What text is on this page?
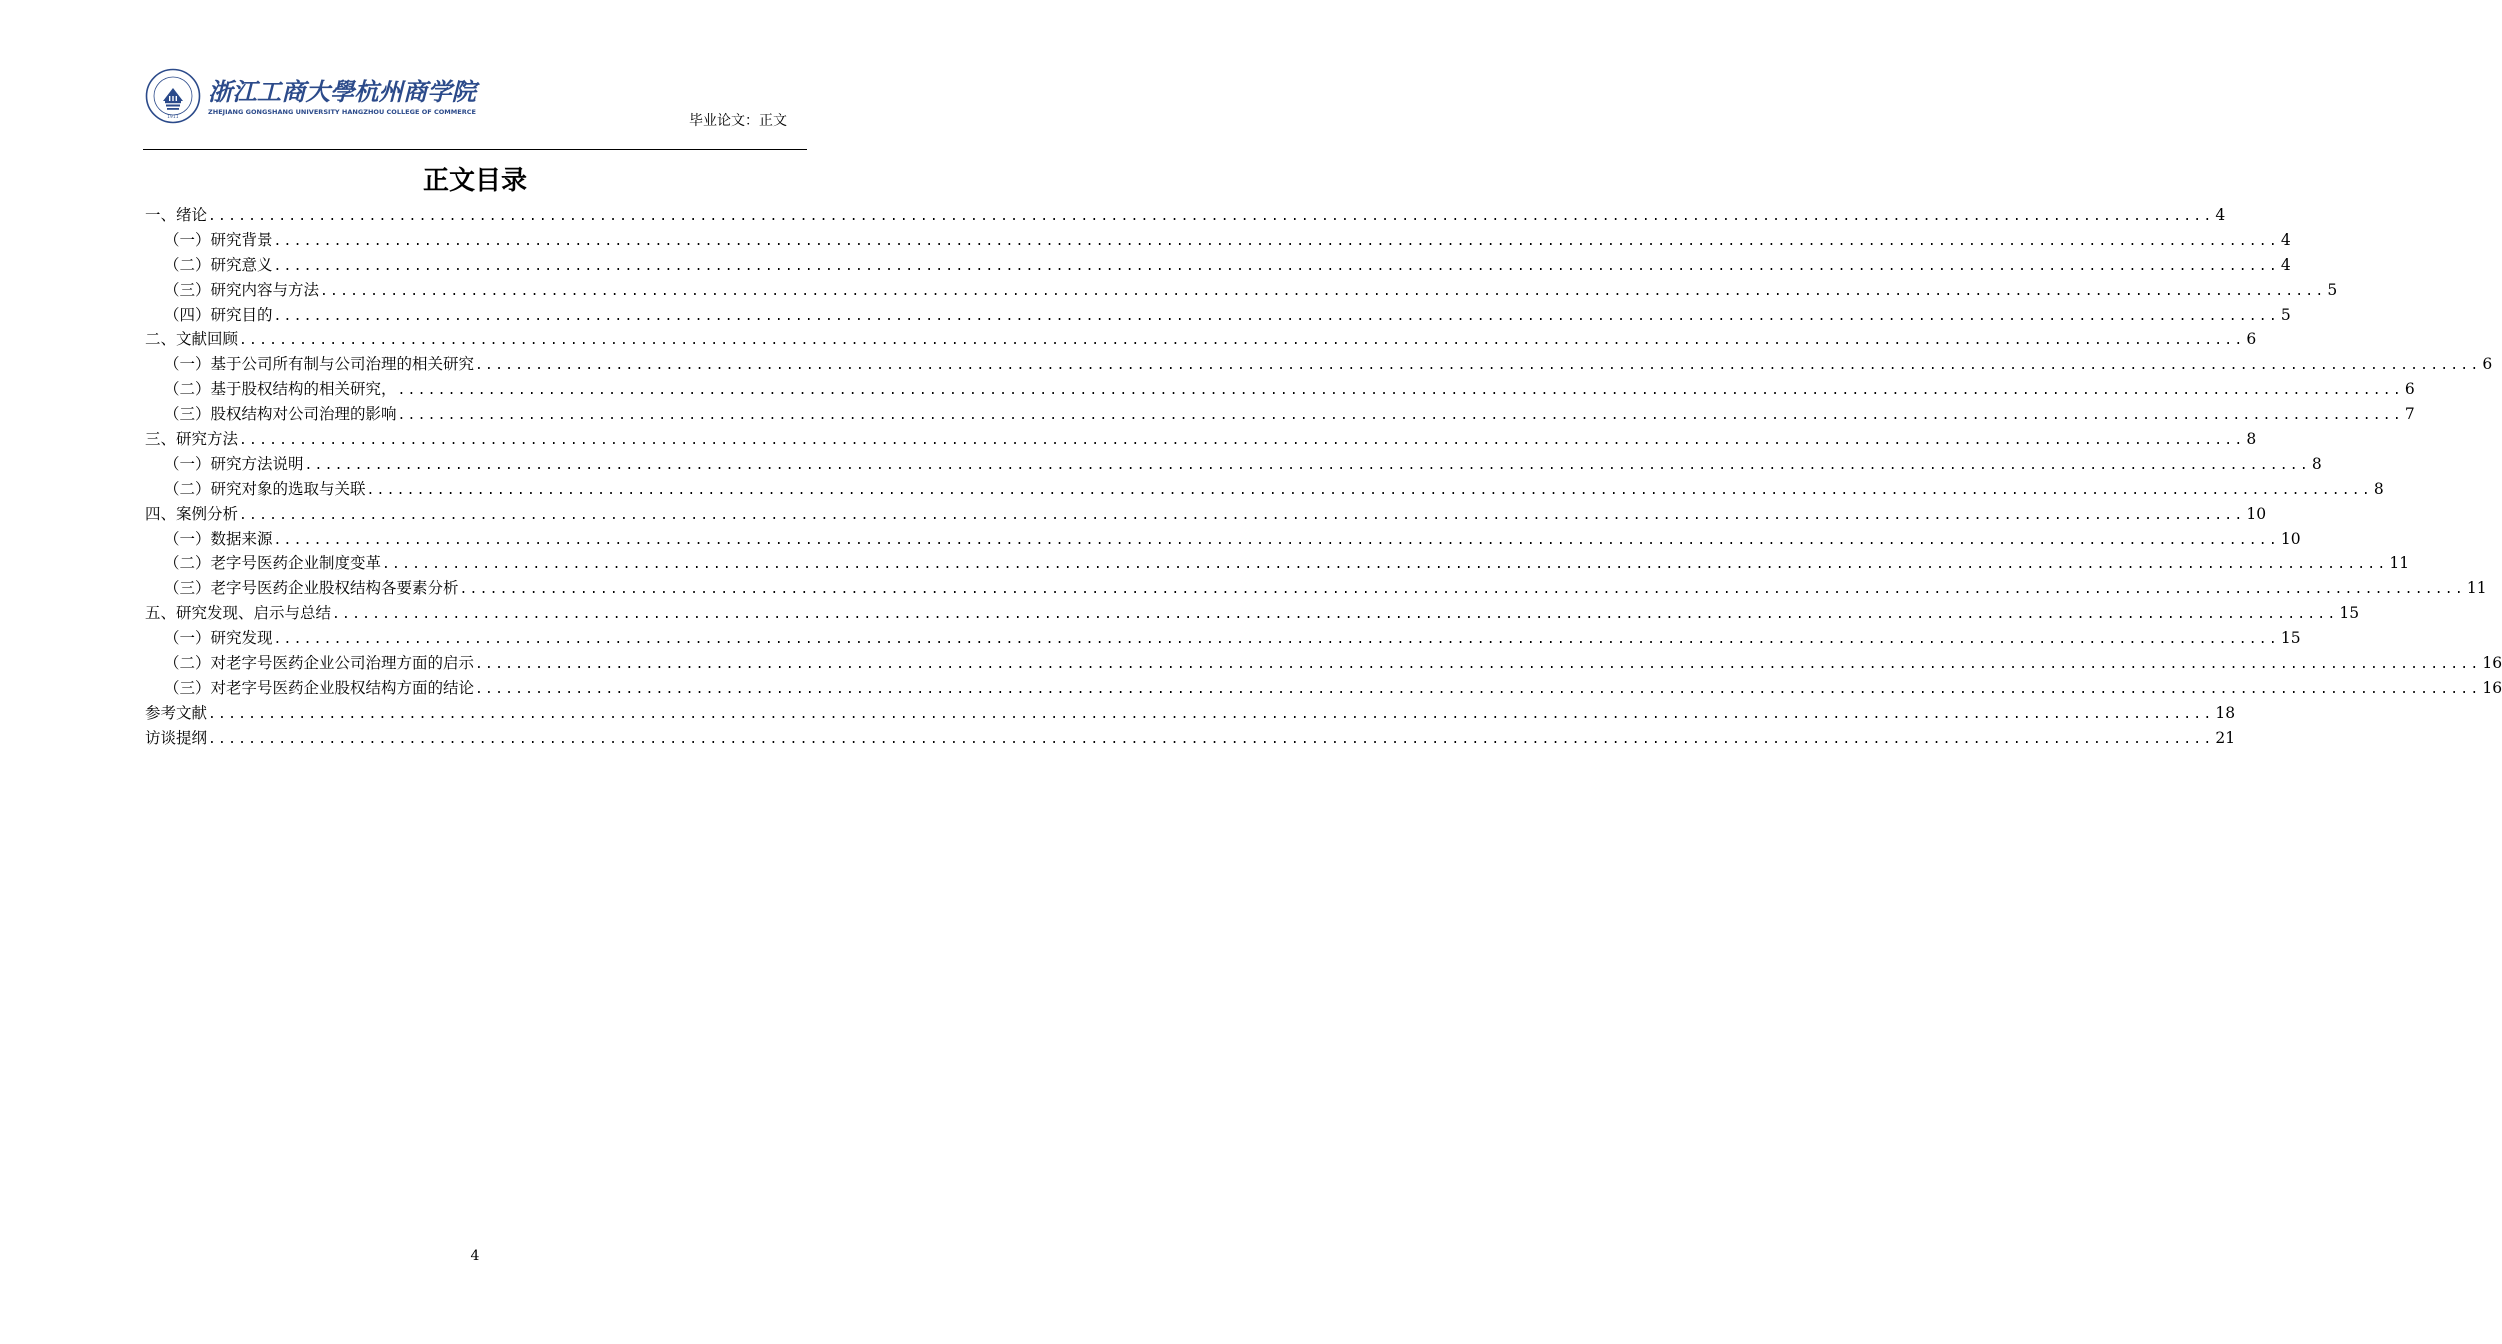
1911
浙江工商大學杭州商学院
ZHEJIANG GONGSHANG UNIVERSITY HANGZHOU COLLEGE OF COMMERCE
毕业论文：正文
正文目录
一、绪论 ........................................................................................................................................................................................................ 4
（一）研究背景 ........................................................................................................................................................................................................ 4
（二）研究意义 ........................................................................................................................................................................................................ 4
（三）研究内容与方法 ........................................................................................................................................................................................................ 5
（四）研究目的 ........................................................................................................................................................................................................ 5
二、文献回顾 ........................................................................................................................................................................................................ 6
（一）基于公司所有制与公司治理的相关研究 ........................................................................................................................................................................................................ 6
（二）基于股权结构的相关研究， ........................................................................................................................................................................................................ 6
（三）股权结构对公司治理的影响 ........................................................................................................................................................................................................ 7
三、研究方法 ........................................................................................................................................................................................................ 8
（一）研究方法说明 ........................................................................................................................................................................................................ 8
（二）研究对象的选取与关联 ........................................................................................................................................................................................................ 8
四、案例分析 ........................................................................................................................................................................................................ 10
（一）数据来源 ........................................................................................................................................................................................................ 10
（二）老字号医药企业制度变革 ........................................................................................................................................................................................................ 11
（三）老字号医药企业股权结构各要素分析 ........................................................................................................................................................................................................ 11
五、研究发现、启示与总结 ........................................................................................................................................................................................................ 15
（一）研究发现 ........................................................................................................................................................................................................ 15
（二）对老字号医药企业公司治理方面的启示 ........................................................................................................................................................................................................ 16
（三）对老字号医药企业股权结构方面的结论 ........................................................................................................................................................................................................ 16
参考文献 ........................................................................................................................................................................................................ 18
访谈提纲 ........................................................................................................................................................................................................ 21
4
